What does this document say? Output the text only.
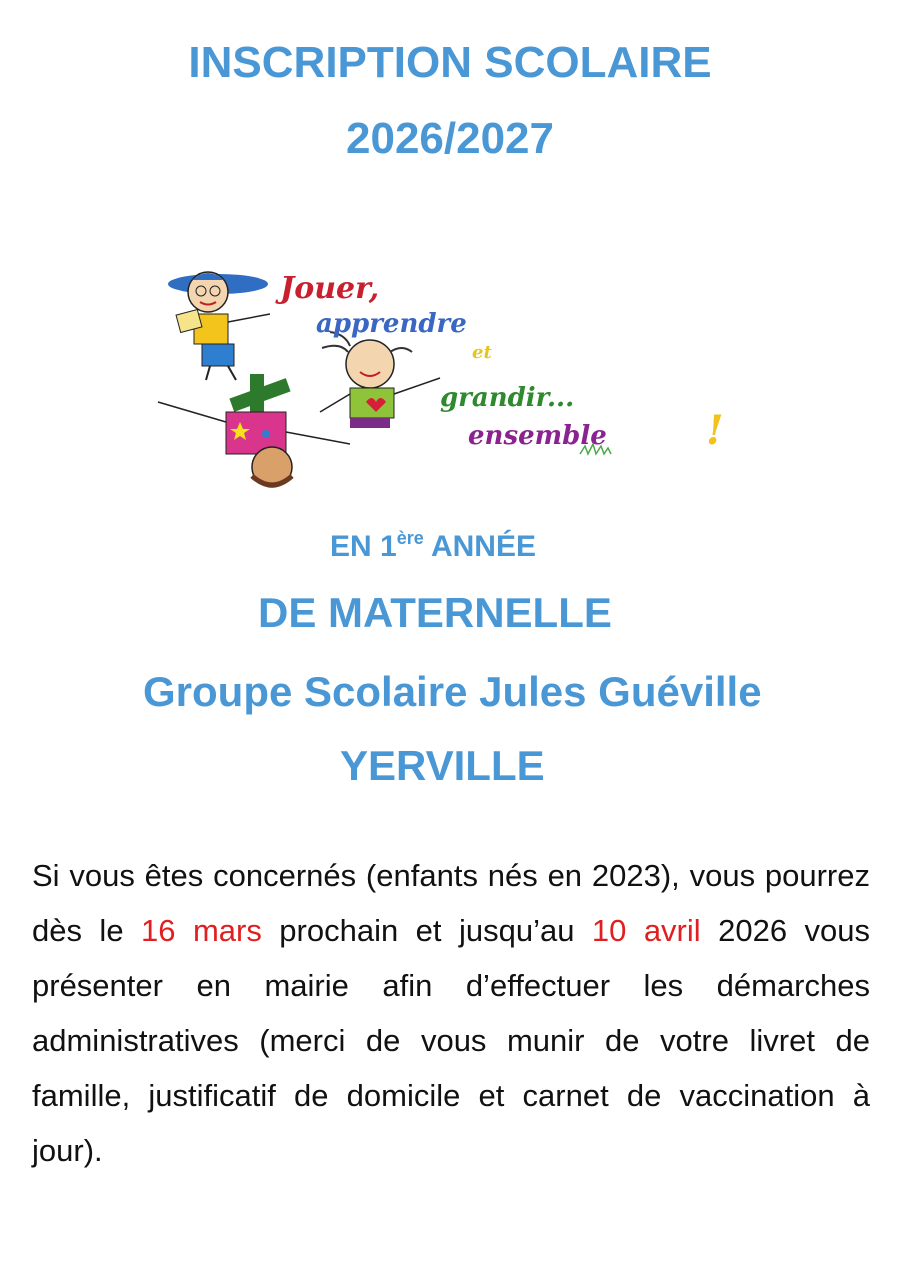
INSCRIPTION SCOLAIRE
2026/2027
Jouer,
apprendre
et
grandir...
ensemble !
EN 1ère ANNÉE
DE MATERNELLE
Groupe Scolaire Jules Guéville
YERVILLE
Si vous êtes concernés (enfants nés en 2023), vous pourrez dès le 16 mars prochain et jusqu’au 10 avril 2026 vous présenter en mairie afin d’effectuer les démarches administratives (merci de vous munir de votre livret de famille, justificatif de domicile et carnet de vaccination à jour).
